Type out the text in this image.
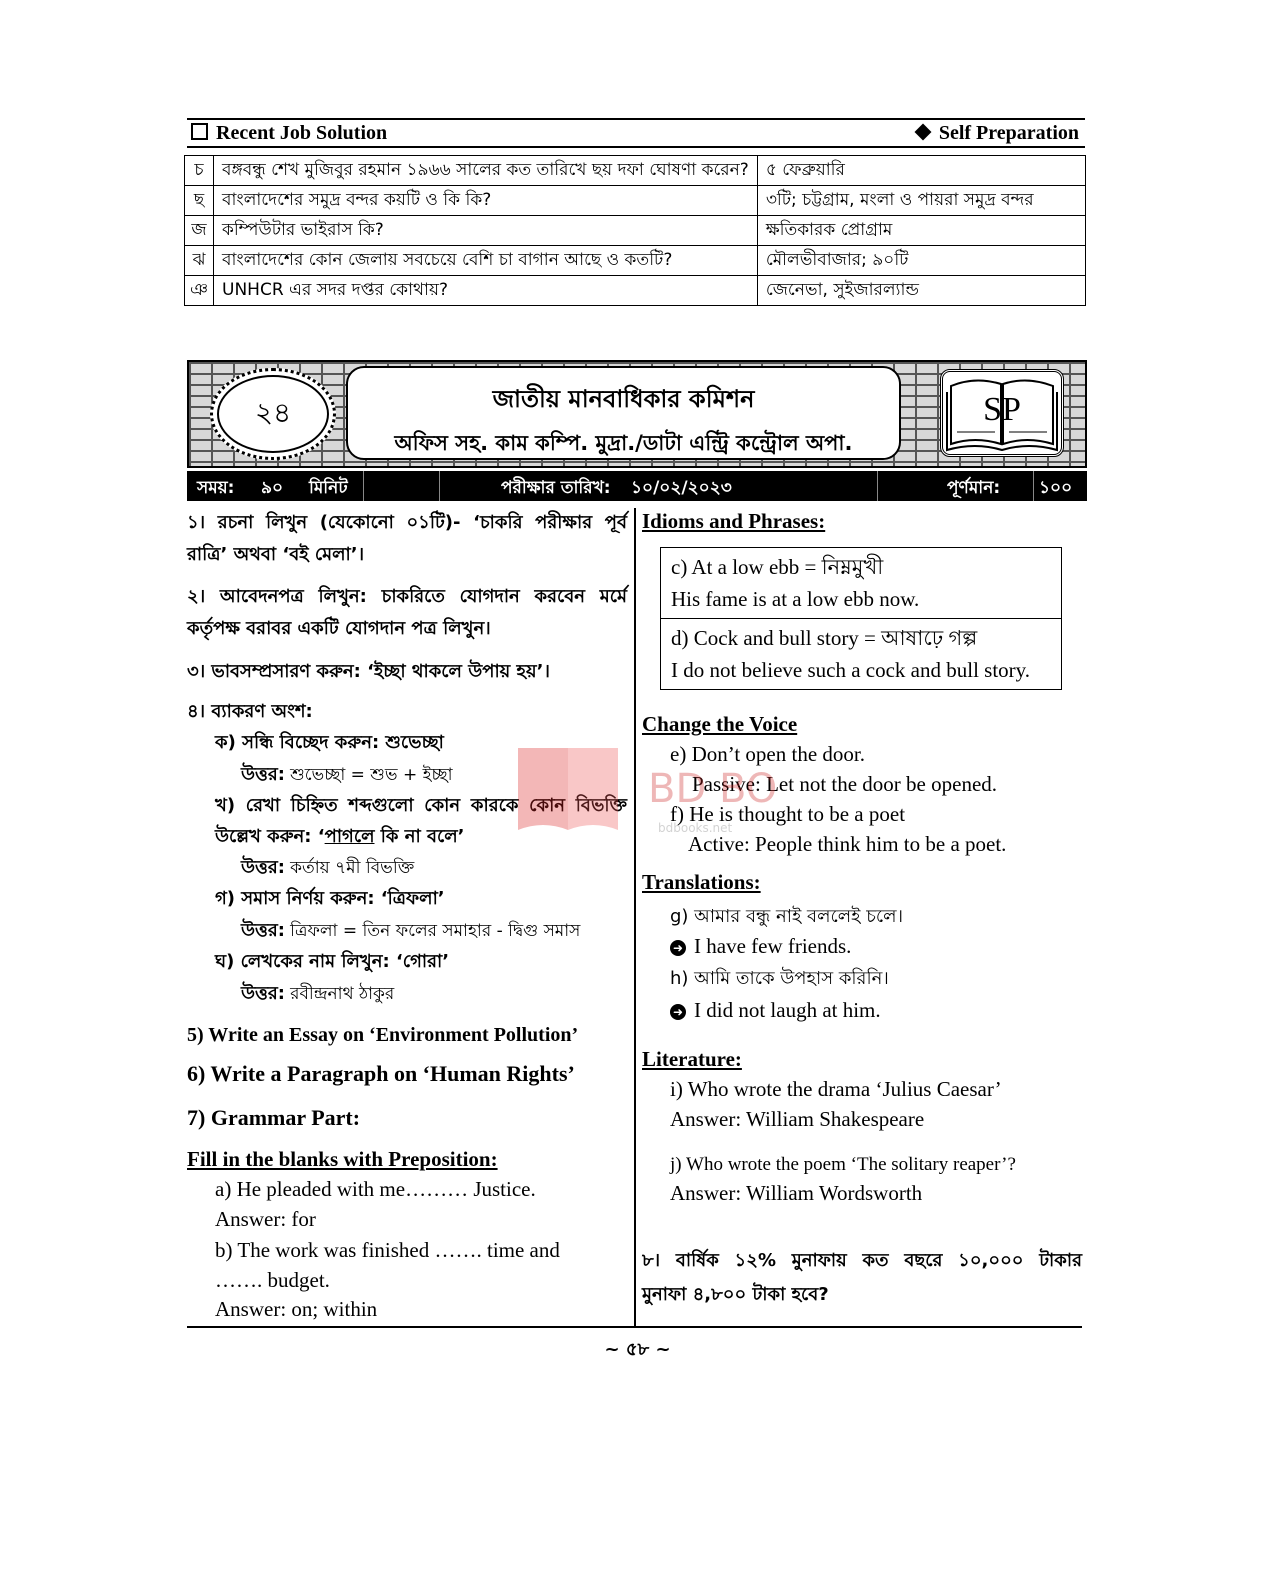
Recent Job Solution	Self Preparation
চ	বঙ্গবন্ধু শেখ মুজিবুর রহমান ১৯৬৬ সালের কত তারিখে ছয় দফা ঘোষণা করেন?	৫ ফেব্রুয়ারি
ছ	বাংলাদেশের সমুদ্র বন্দর কয়টি ও কি কি?	৩টি; চট্টগ্রাম, মংলা ও পায়রা সমুদ্র বন্দর
জ	কম্পিউটার ভাইরাস কি?	ক্ষতিকারক প্রোগ্রাম
ঝ	বাংলাদেশের কোন জেলায় সবচেয়ে বেশি চা বাগান আছে ও কতটি?	মৌলভীবাজার; ৯০টি
ঞ	UNHCR এর সদর দপ্তর কোথায়?	জেনেভা, সুইজারল্যান্ড
২৪	জাতীয় মানবাধিকার কমিশন
অফিস সহ. কাম কম্পি. মুদ্রা./ডাটা এন্ট্রি কন্ট্রোল অপা.
SP
সময়: ৯০ মিনিট	পরীক্ষার তারিখ: ১০/০২/২০২৩	পূর্ণমান: ১০০
১। রচনা লিখুন (যেকোনো ০১টি)- ‘চাকরি পরীক্ষার পূর্ব
রাত্রি’ অথবা ‘বই মেলা’।
২। আবেদনপত্র লিখুন: চাকরিতে যোগদান করবেন মর্মে
কর্তৃপক্ষ বরাবর একটি যোগদান পত্র লিখুন।
৩। ভাবসম্প্রসারণ করুন: ‘ইচ্ছা থাকলে উপায় হয়’।
৪। ব্যাকরণ অংশ:
ক) সন্ধি বিচ্ছেদ করুন: শুভেচ্ছা
উত্তর: শুভেচ্ছা = শুভ + ইচ্ছা
খ) রেখা চিহ্নিত শব্দগুলো কোন কারকে কোন বিভক্তি
উল্লেখ করুন: ‘পাগলে কি না বলে’
উত্তর: কর্তায় ৭মী বিভক্তি
গ) সমাস নির্ণয় করুন: ‘ত্রিফলা’
উত্তর: ত্রিফলা = তিন ফলের সমাহার - দ্বিগু সমাস
ঘ) লেখকের নাম লিখুন: ‘গোরা’
উত্তর: রবীন্দ্রনাথ ঠাকুর
5) Write an Essay on ‘Environment Pollution’
6) Write a Paragraph on ‘Human Rights’
7) Grammar Part:
Fill in the blanks with Preposition:
a) He pleaded with me……… Justice.
Answer: for
b) The work was finished ……. time and
……. budget.
Answer: on; within
Idioms and Phrases:
c) At a low ebb = নিম্নমুখী
His fame is at a low ebb now.
d) Cock and bull story = আষাঢ়ে গল্প
I do not believe such a cock and bull story.
Change the Voice
e) Don’t open the door.
Passive: Let not the door be opened.
f) He is thought to be a poet
Active: People think him to be a poet.
Translations:
g) আমার বন্ধু নাই বললেই চলে।
➜ I have few friends.
h) আমি তাকে উপহাস করিনি।
➜ I did not laugh at him.
Literature:
i) Who wrote the drama ‘Julius Caesar’
Answer: William Shakespeare
j) Who wrote the poem ‘The solitary reaper’?
Answer: William Wordsworth
৮। বার্ষিক ১২% মুনাফায় কত বছরে ১০,০০০ টাকার
মুনাফা ৪,৮০০ টাকা হবে?
BD BO
bdbooks.net
~ ৫৮ ~
